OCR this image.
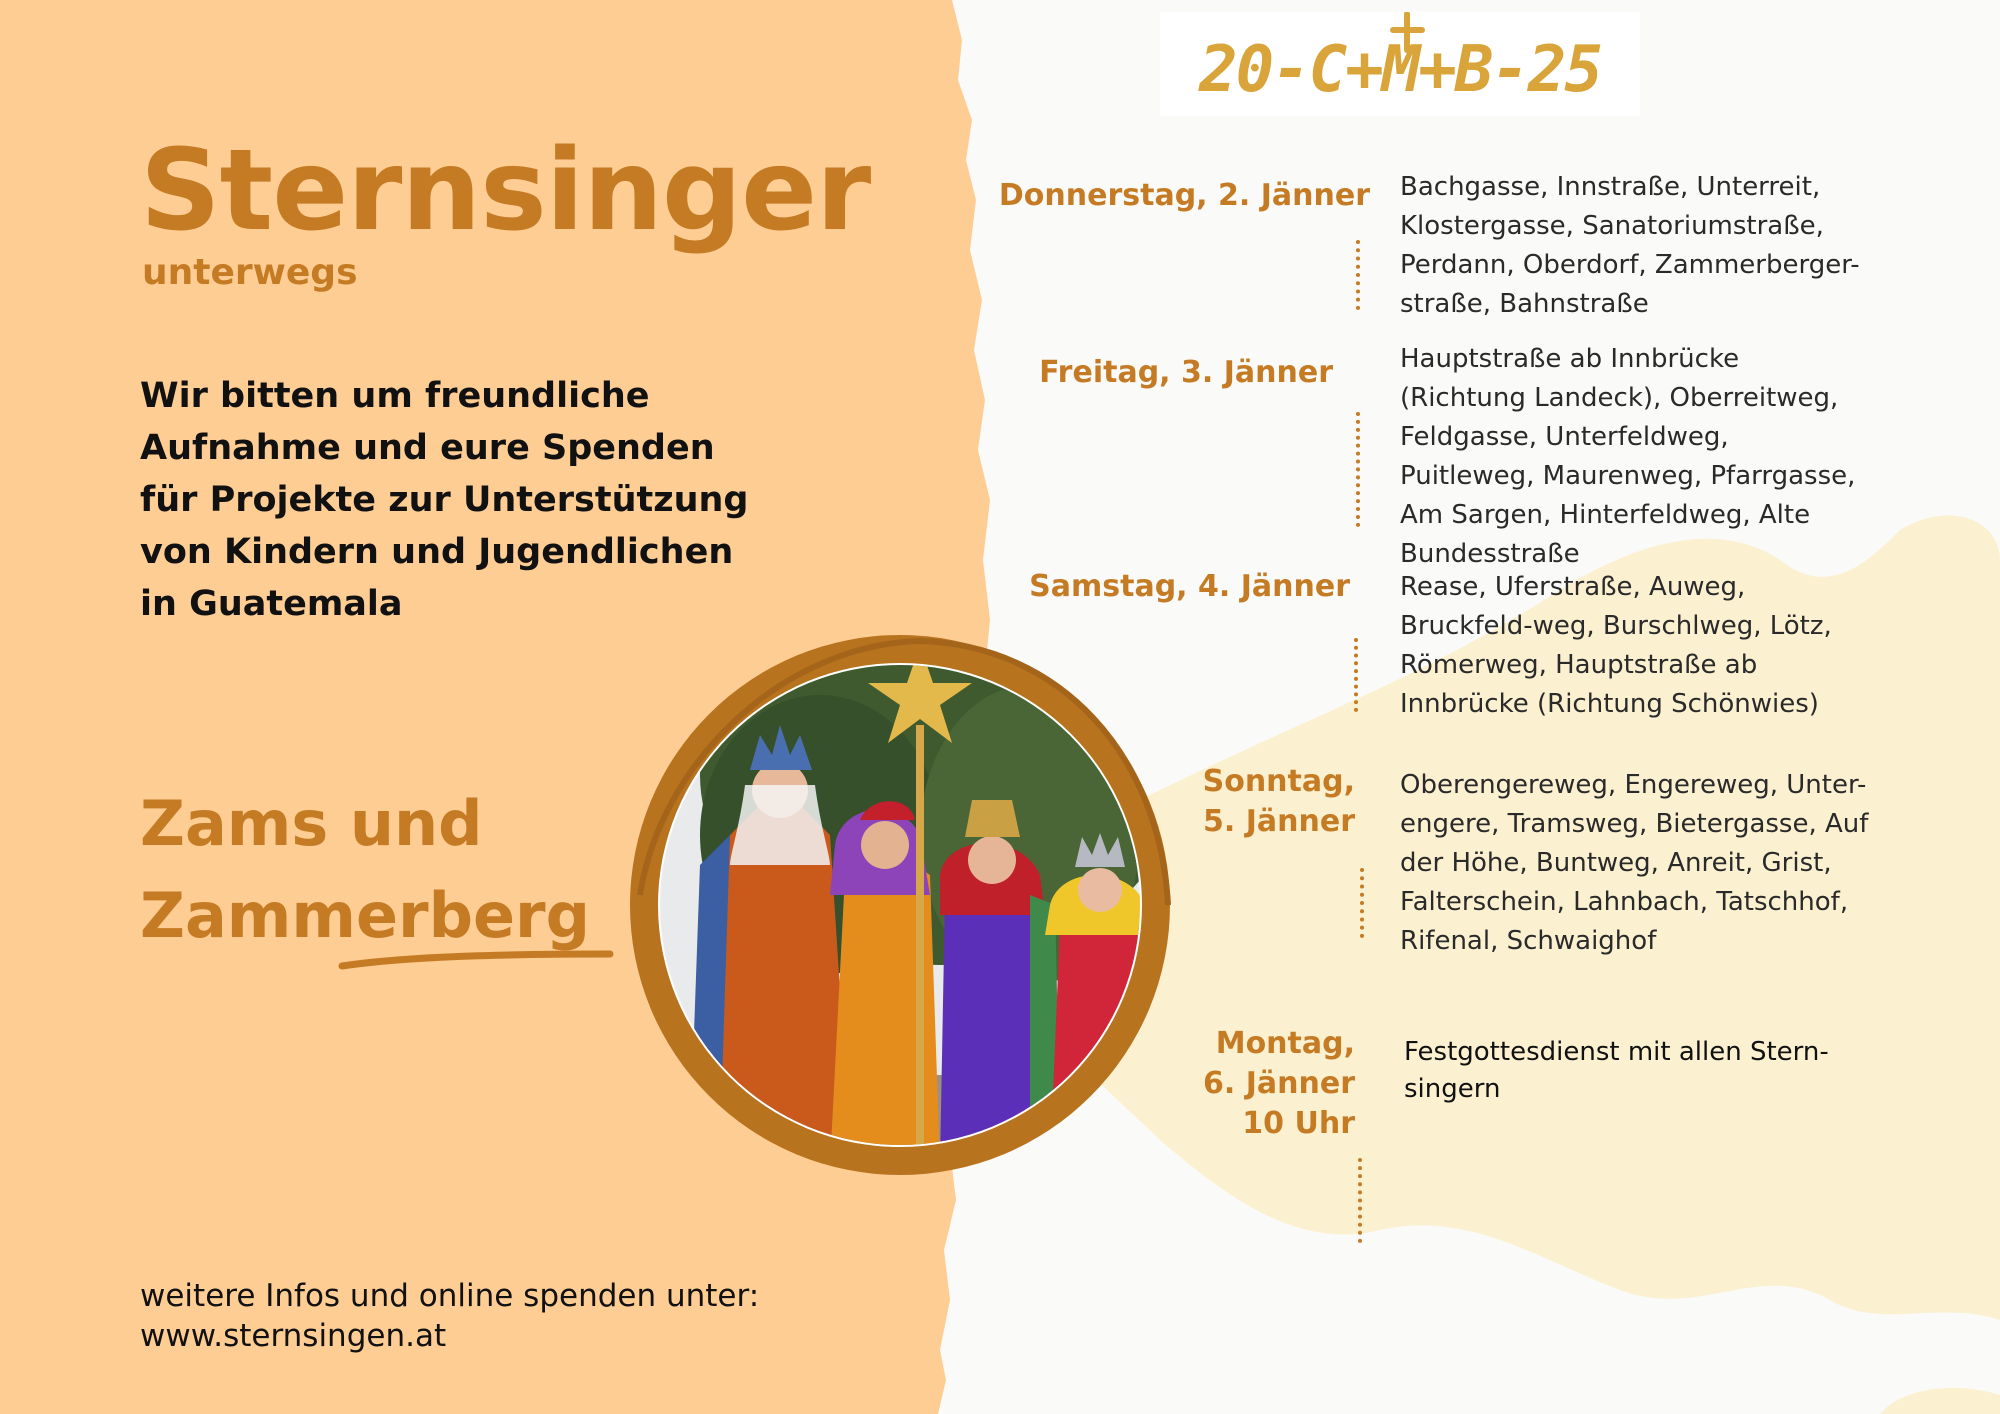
20-C+M+B-25
Sternsinger
unterwegs
Wir bitten um freundliche Aufnahme und eure Spenden für Projekte zur Unterstützung von Kindern und Jugendlichen in Guatemala
Zams und
Zammerberg
weitere Infos und online spenden unter:
www.sternsingen.at
Donnerstag, 2. Jänner Bachgasse, Innstraße, Unterreit, Klostergasse, Sanatoriumstraße, Perdann, Oberdorf, Zammerberger-straße, Bahnstraße
Freitag, 3. Jänner	Hauptstraße ab Innbrücke (Richtung Landeck), Oberreitweg, Feldgasse, Unterfeldweg, Puitleweg, Maurenweg, Pfarrgasse, Am Sargen, Hinterfeldweg, Alte Bundesstraße
Samstag, 4. Jänner Rease, Uferstraße, Auweg, Bruckfeld-weg, Burschlweg, Lötz, Römerweg, Hauptstraße ab Innbrücke (Richtung Schönwies)
Sonntag,
5. Jänner
Oberengereweg, Engereweg, Unter-engere, Tramsweg, Bietergasse, Auf der Höhe, Buntweg, Anreit, Grist, Falterschein, Lahnbach, Tatschhof, Rifenal, Schwaighof
Montag,
6. Jänner
10 Uhr
Festgottesdienst mit allen Stern-singern
